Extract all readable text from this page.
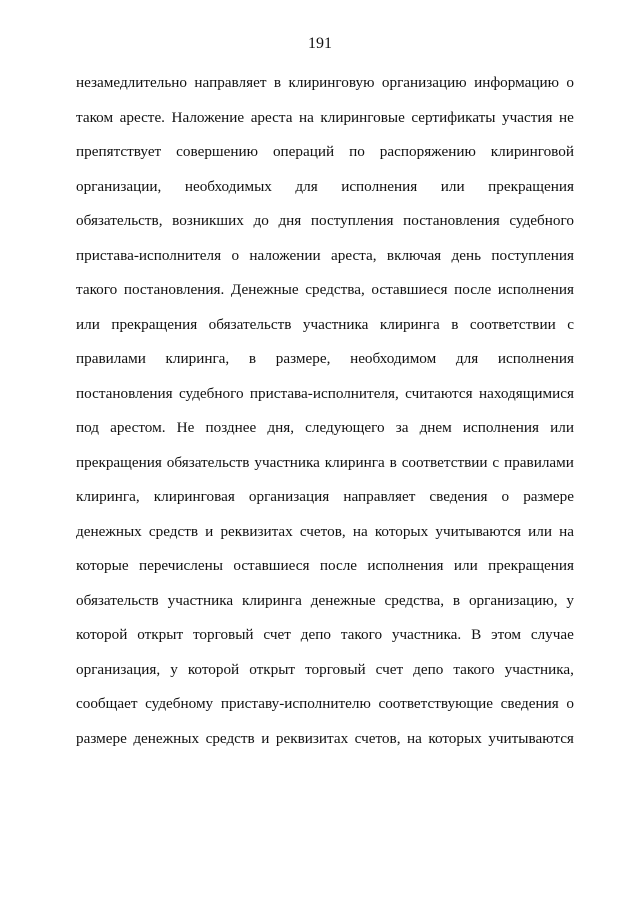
191
незамедлительно направляет в клиринговую организацию информацию о
таком аресте. Наложение ареста на клиринговые сертификаты участия не
препятствует совершению операций по распоряжению клиринговой
организации, необходимых для исполнения или прекращения
обязательств, возникших до дня поступления постановления судебного
пристава-исполнителя о наложении ареста, включая день поступления
такого постановления. Денежные средства, оставшиеся после исполнения
или прекращения обязательств участника клиринга в соответствии с
правилами клиринга, в размере, необходимом для исполнения
постановления судебного пристава-исполнителя, считаются находящимися
под арестом. Не позднее дня, следующего за днем исполнения или
прекращения обязательств участника клиринга в соответствии с правилами
клиринга, клиринговая организация направляет сведения о размере
денежных средств и реквизитах счетов, на которых учитываются или на
которые перечислены оставшиеся после исполнения или прекращения
обязательств участника клиринга денежные средства, в организацию, у
которой открыт торговый счет депо такого участника. В этом случае
организация, у которой открыт торговый счет депо такого участника,
сообщает судебному приставу-исполнителю соответствующие сведения о
размере денежных средств и реквизитах счетов, на которых учитываются
